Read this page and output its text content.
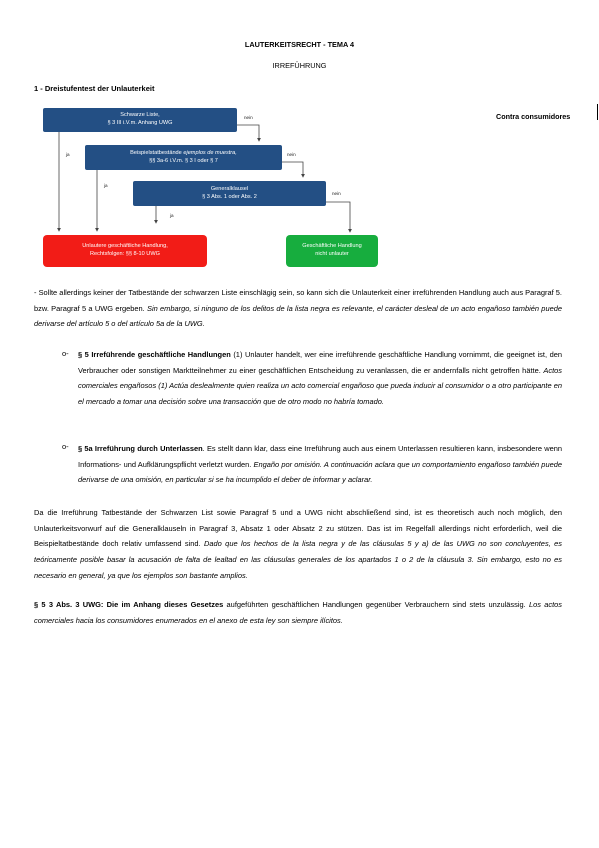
LAUTERKEITSRECHT - TEMA 4
IRREFÜHRUNG
1 - Dreistufentest der Unlauterkeit
Contra consumidores
Schwarze Liste,
§ 3 III i.V.m. Anhang UWG
Beispielstatbestände ejemplos de muestra,
§§ 3a-6 i.V.m. § 3 I oder § 7
Generalklausel
§ 3 Abs. 1 oder Abs. 2
Unlautere geschäftliche Handlung,
Rechtsfolgen: §§ 8-10 UWG
Geschäftliche Handlung
nicht unlauter
nein
nein
nein
ja
ja
ja
- Sollte allerdings keiner der Tatbestände der schwarzen Liste einschlägig sein, so kann sich die Unlauterkeit einer irreführenden Handlung auch aus Paragraf 5. bzw. Paragraf 5 a UWG ergeben. Sin embargo, si ninguno de los delitos de la lista negra es relevante, el carácter desleal de un acto engañoso también puede derivarse del artículo 5 o del artículo 5a de la UWG.
o- § 5 Irreführende geschäftliche Handlungen (1) Unlauter handelt, wer eine irreführende geschäftliche Handlung vornimmt, die geeignet ist, den Verbraucher oder sonstigen Marktteilnehmer zu einer geschäftlichen Entscheidung zu veranlassen, die er andernfalls nicht getroffen hätte. Actos comerciales engañosos (1) Actúa deslealmente quien realiza un acto comercial engañoso que pueda inducir al consumidor o a otro participante en el mercado a tomar una decisión sobre una transacción que de otro modo no habría tomado.
o- § 5a Irreführung durch Unterlassen. Es stellt dann klar, dass eine Irreführung auch aus einem Unterlassen resultieren kann, insbesondere wenn Informations- und Aufklärungspflicht verletzt wurden. Engaño por omisión. A continuación aclara que un comportamiento engañoso también puede derivarse de una omisión, en particular si se ha incumplido el deber de informar y aclarar.
Da die Irreführung Tatbestände der Schwarzen List sowie Paragraf 5 und a UWG nicht abschließend sind, ist es theoretisch auch noch möglich, den Unlauterkeitsvorwurf auf die Generalklauseln in Paragraf 3, Absatz 1 oder Absatz 2 zu stützen. Das ist im Regelfall allerdings nicht erforderlich, weil die Beispieltatbestände doch relativ umfassend sind. Dado que los hechos de la lista negra y de las cláusulas 5 y a) de las UWG no son concluyentes, es teóricamente posible basar la acusación de falta de lealtad en las cláusulas generales de los apartados 1 o 2 de la cláusula 3. Sin embargo, esto no es necesario en general, ya que los ejemplos son bastante amplios.
§ 5 3 Abs. 3 UWG: Die im Anhang dieses Gesetzes aufgeführten geschäftlichen Handlungen gegenüber Verbrauchern sind stets unzulässig. Los actos comerciales hacia los consumidores enumerados en el anexo de esta ley son siempre ilícitos.
